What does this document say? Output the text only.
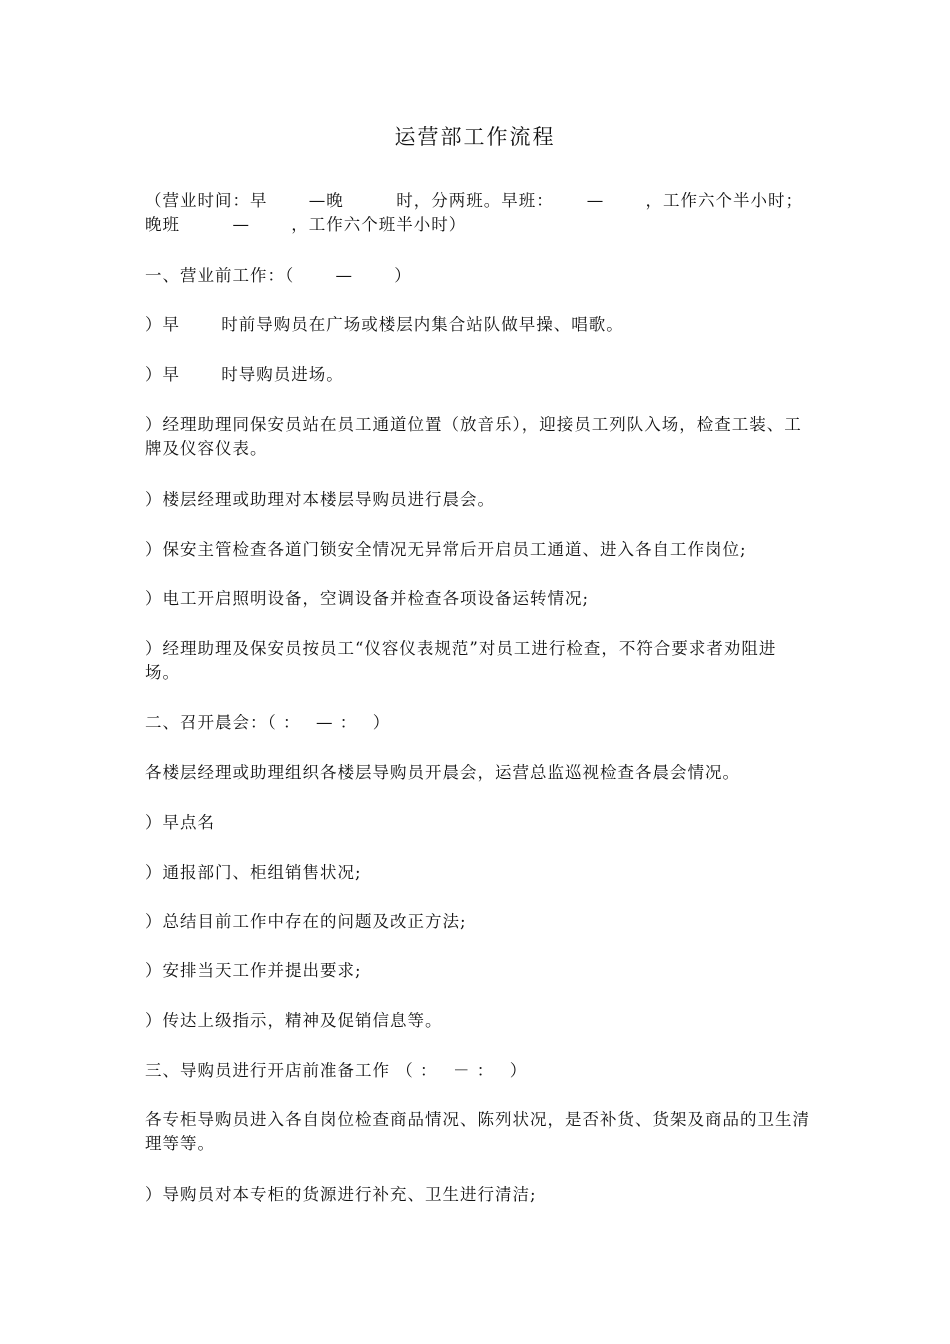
运营部工作流程

（营业时间：早　　 —晚　　　时，分两班。早班：　　 —　　 ，工作六个半小时；晚班　　　—　　 ，工作六个班半小时）

一、营业前工作：（　　 —　　 ）

）早　　 时前导购员在广场或楼层内集合站队做早操、唱歌。

）早　　 时导购员进场。

）经理助理同保安员站在员工通道位置（放音乐），迎接员工列队入场，检查工装、工牌及仪容仪表。

）楼层经理或助理对本楼层导购员进行晨会。

）保安主管检查各道门锁安全情况无异常后开启员工通道、进入各自工作岗位;

）电工开启照明设备，空调设备并检查各项设备运转情况;

）经理助理及保安员按员工“仪容仪表规范”对员工进行检查，不符合要求者劝阻进场。

二、召开晨会：（ ：　 — ：　 ）

各楼层经理或助理组织各楼层导购员开晨会，运营总监巡视检查各晨会情况。

）早点名

）通报部门、柜组销售状况;

）总结目前工作中存在的问题及改正方法;

）安排当天工作并提出要求;

）传达上级指示，精神及促销信息等。

三、导购员进行开店前准备工作 （ ：　 － ：　 ）

各专柜导购员进入各自岗位检查商品情况、陈列状况，是否补货、货架及商品的卫生清理等等。

）导购员对本专柜的货源进行补充、卫生进行清洁;
